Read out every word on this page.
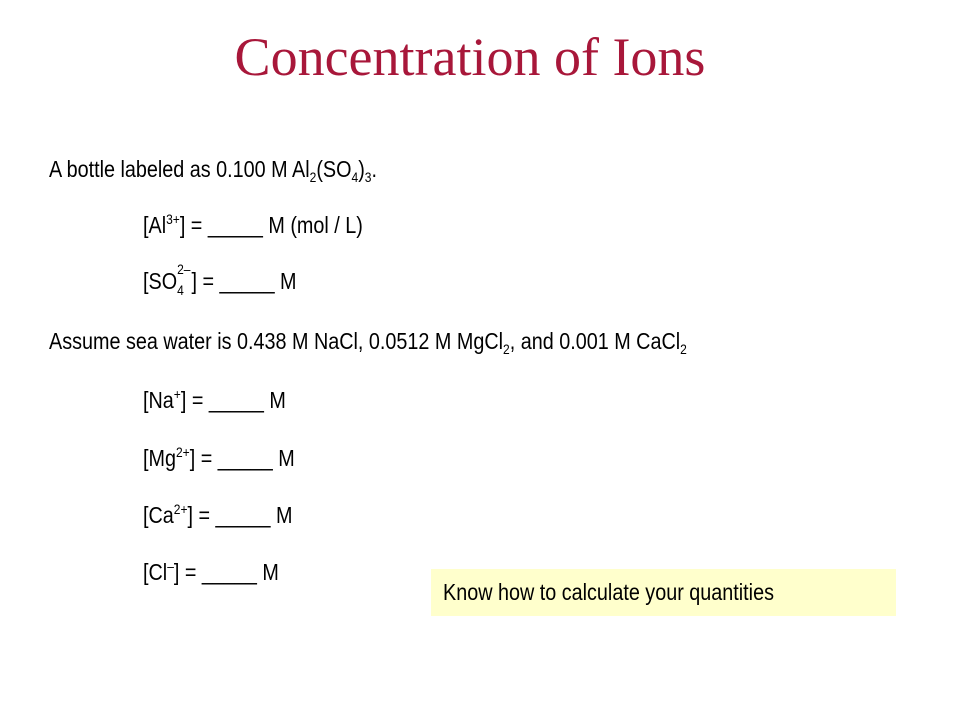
Concentration of Ions
A bottle labeled as 0.100 M $Al_2(SO_4)_3$.
$[Al^{3+}]$ = _____ M (mol / L)
[$SO_4$
2– ] = _____ M
Assume sea water is 0.438 M NaCl, 0.0512 M MgCl$_2$, and 0.001 M CaCl$_2$
[Na+] = _____ M
$[Mg^{2+}]$ = _____ M
$[Ca^{2+}]$ = _____ M
[Cl–] = _____ M
Know how to calculate your quantities
